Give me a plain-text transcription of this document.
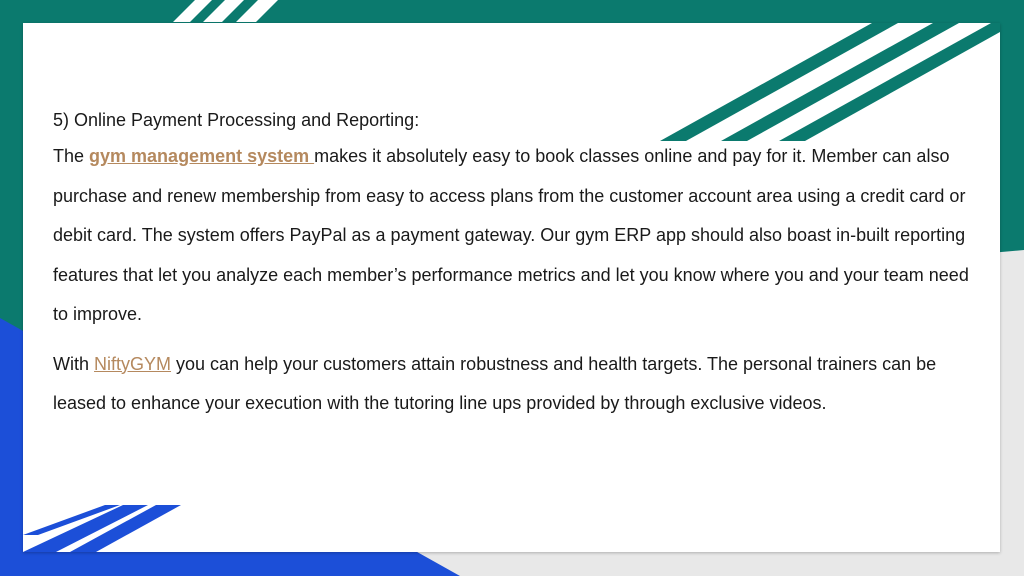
5) Online Payment Processing and Reporting:

The gym management system makes it absolutely easy to book classes online and pay for it. Member can also purchase and renew membership from easy to access plans from the customer account area using a credit card or debit card. The system offers PayPal as a payment gateway. Our gym ERP app should also boast in-built reporting features that let you analyze each member’s performance metrics and let you know where you and your team need to improve.

With NiftyGYM you can help your customers attain robustness and health targets. The personal trainers can be leased to enhance your execution with the tutoring line ups provided by through exclusive videos.
